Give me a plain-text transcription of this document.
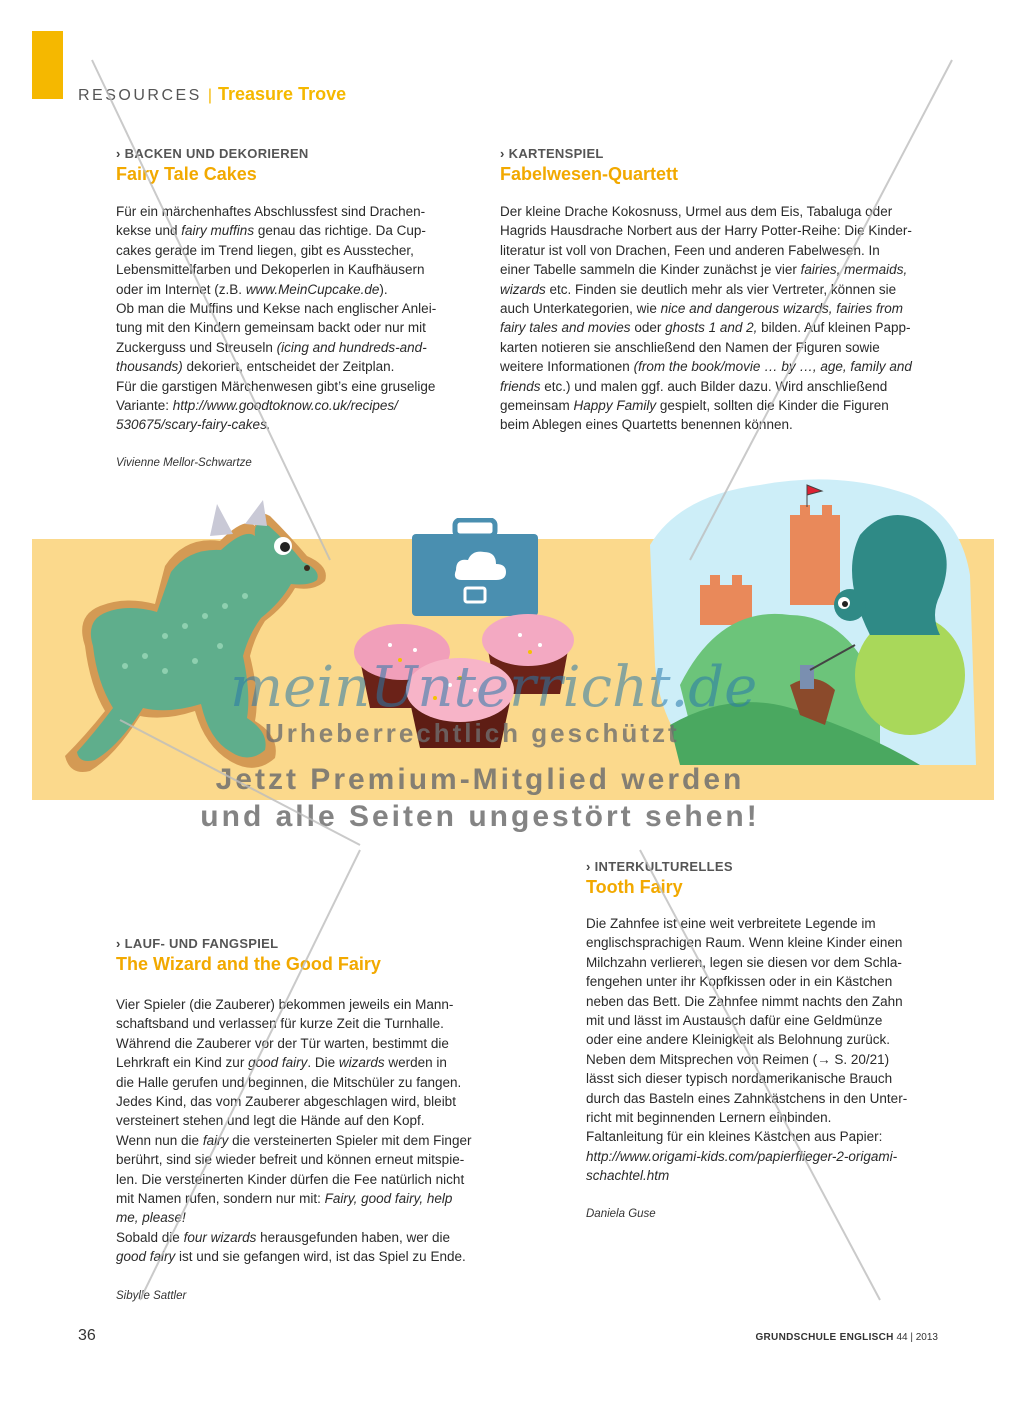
RESOURCES | Treasure Trove
› BACKEN UND DEKORIEREN
Fairy Tale Cakes

Für ein märchenhaftes Abschlussfest sind Drachen-

kekse und fairy muffins genau das richtige. Da Cup-

cakes gerade im Trend liegen, gibt es Ausstecher,

Lebensmittelfarben und Dekoperlen in Kaufhäusern

oder im Internet (z.B. www.MeinCupcake.de).

Ob man die Muffins und Kekse nach englischer Anlei-

tung mit den Kindern gemeinsam backt oder nur mit

Zuckerguss und Streuseln (icing and hundreds-and-

thousands) dekoriert, entscheidet der Zeitplan.

Für die garstigen Märchenwesen gibt’s eine gruselige

Variante: http://www.goodtoknow.co.uk/recipes/

530675/scary-fairy-cakes.

Vivienne Mellor-Schwartze
› KARTENSPIEL
Fabelwesen-Quartett

Der kleine Drache Kokosnuss, Urmel aus dem Eis, Tabaluga oder

Hagrids Hausdrache Norbert aus der Harry Potter-Reihe: Die Kinder-

literatur ist voll von Drachen, Feen und anderen Fabelwesen. In

einer Tabelle sammeln die Kinder zunächst je vier fairies, mermaids,

wizards etc. Finden sie deutlich mehr als vier Vertreter, können sie

auch Unterkategorien, wie nice and dangerous wizards, fairies from

fairy tales and movies oder ghosts 1 and 2, bilden. Auf kleinen Papp-

karten notieren sie anschließend den Namen der Figuren sowie

weitere Informationen (from the book/movie … by …, age, family and

friends etc.) und malen ggf. auch Bilder dazu. Wird anschließend

gemeinsam Happy Family gespielt, sollten die Kinder die Figuren

beim Ablegen eines Quartetts benennen können.

meinUnterricht.de
Urheberrechtlich geschützt
Jetzt Premium-Mitglied werden
und alle Seiten ungestört sehen!
› INTERKULTURELLES
Tooth Fairy

Die Zahnfee ist eine weit verbreitete Legende im

englischsprachigen Raum. Wenn kleine Kinder einen

Milchzahn verlieren, legen sie diesen vor dem Schla-

fengehen unter ihr Kopfkissen oder in ein Kästchen

neben das Bett. Die Zahnfee nimmt nachts den Zahn

mit und lässt im Austausch dafür eine Geldmünze

oder eine andere Kleinigkeit als Belohnung zurück.

Neben dem Mitsprechen von Reimen (→ S. 20/21)

lässt sich dieser typisch nordamerikanische Brauch

durch das Basteln eines Zahnkästchens in den Unter-

richt mit beginnenden Lernern einbinden.

Faltanleitung für ein kleines Kästchen aus Papier:

http://www.origami-kids.com/papierflieger-2-origami-

schachtel.htm

Daniela Guse
› LAUF- UND FANGSPIEL
The Wizard and the Good Fairy

Vier Spieler (die Zauberer) bekommen jeweils ein Mann-

schaftsband und verlassen für kurze Zeit die Turnhalle.

Während die Zauberer vor der Tür warten, bestimmt die

Lehrkraft ein Kind zur good fairy. Die wizards werden in

die Halle gerufen und beginnen, die Mitschüler zu fangen.

Jedes Kind, das vom Zauberer abgeschlagen wird, bleibt

versteinert stehen und legt die Hände auf den Kopf.

Wenn nun die fairy die versteinerten Spieler mit dem Finger

berührt, sind sie wieder befreit und können erneut mitspie-

len. Die versteinerten Kinder dürfen die Fee natürlich nicht

mit Namen rufen, sondern nur mit: Fairy, good fairy, help

me, please!

Sobald die four wizards herausgefunden haben, wer die

good fairy ist und sie gefangen wird, ist das Spiel zu Ende.

Sibylle Sattler
36	GRUNDSCHULE ENGLISCH 44 | 2013
